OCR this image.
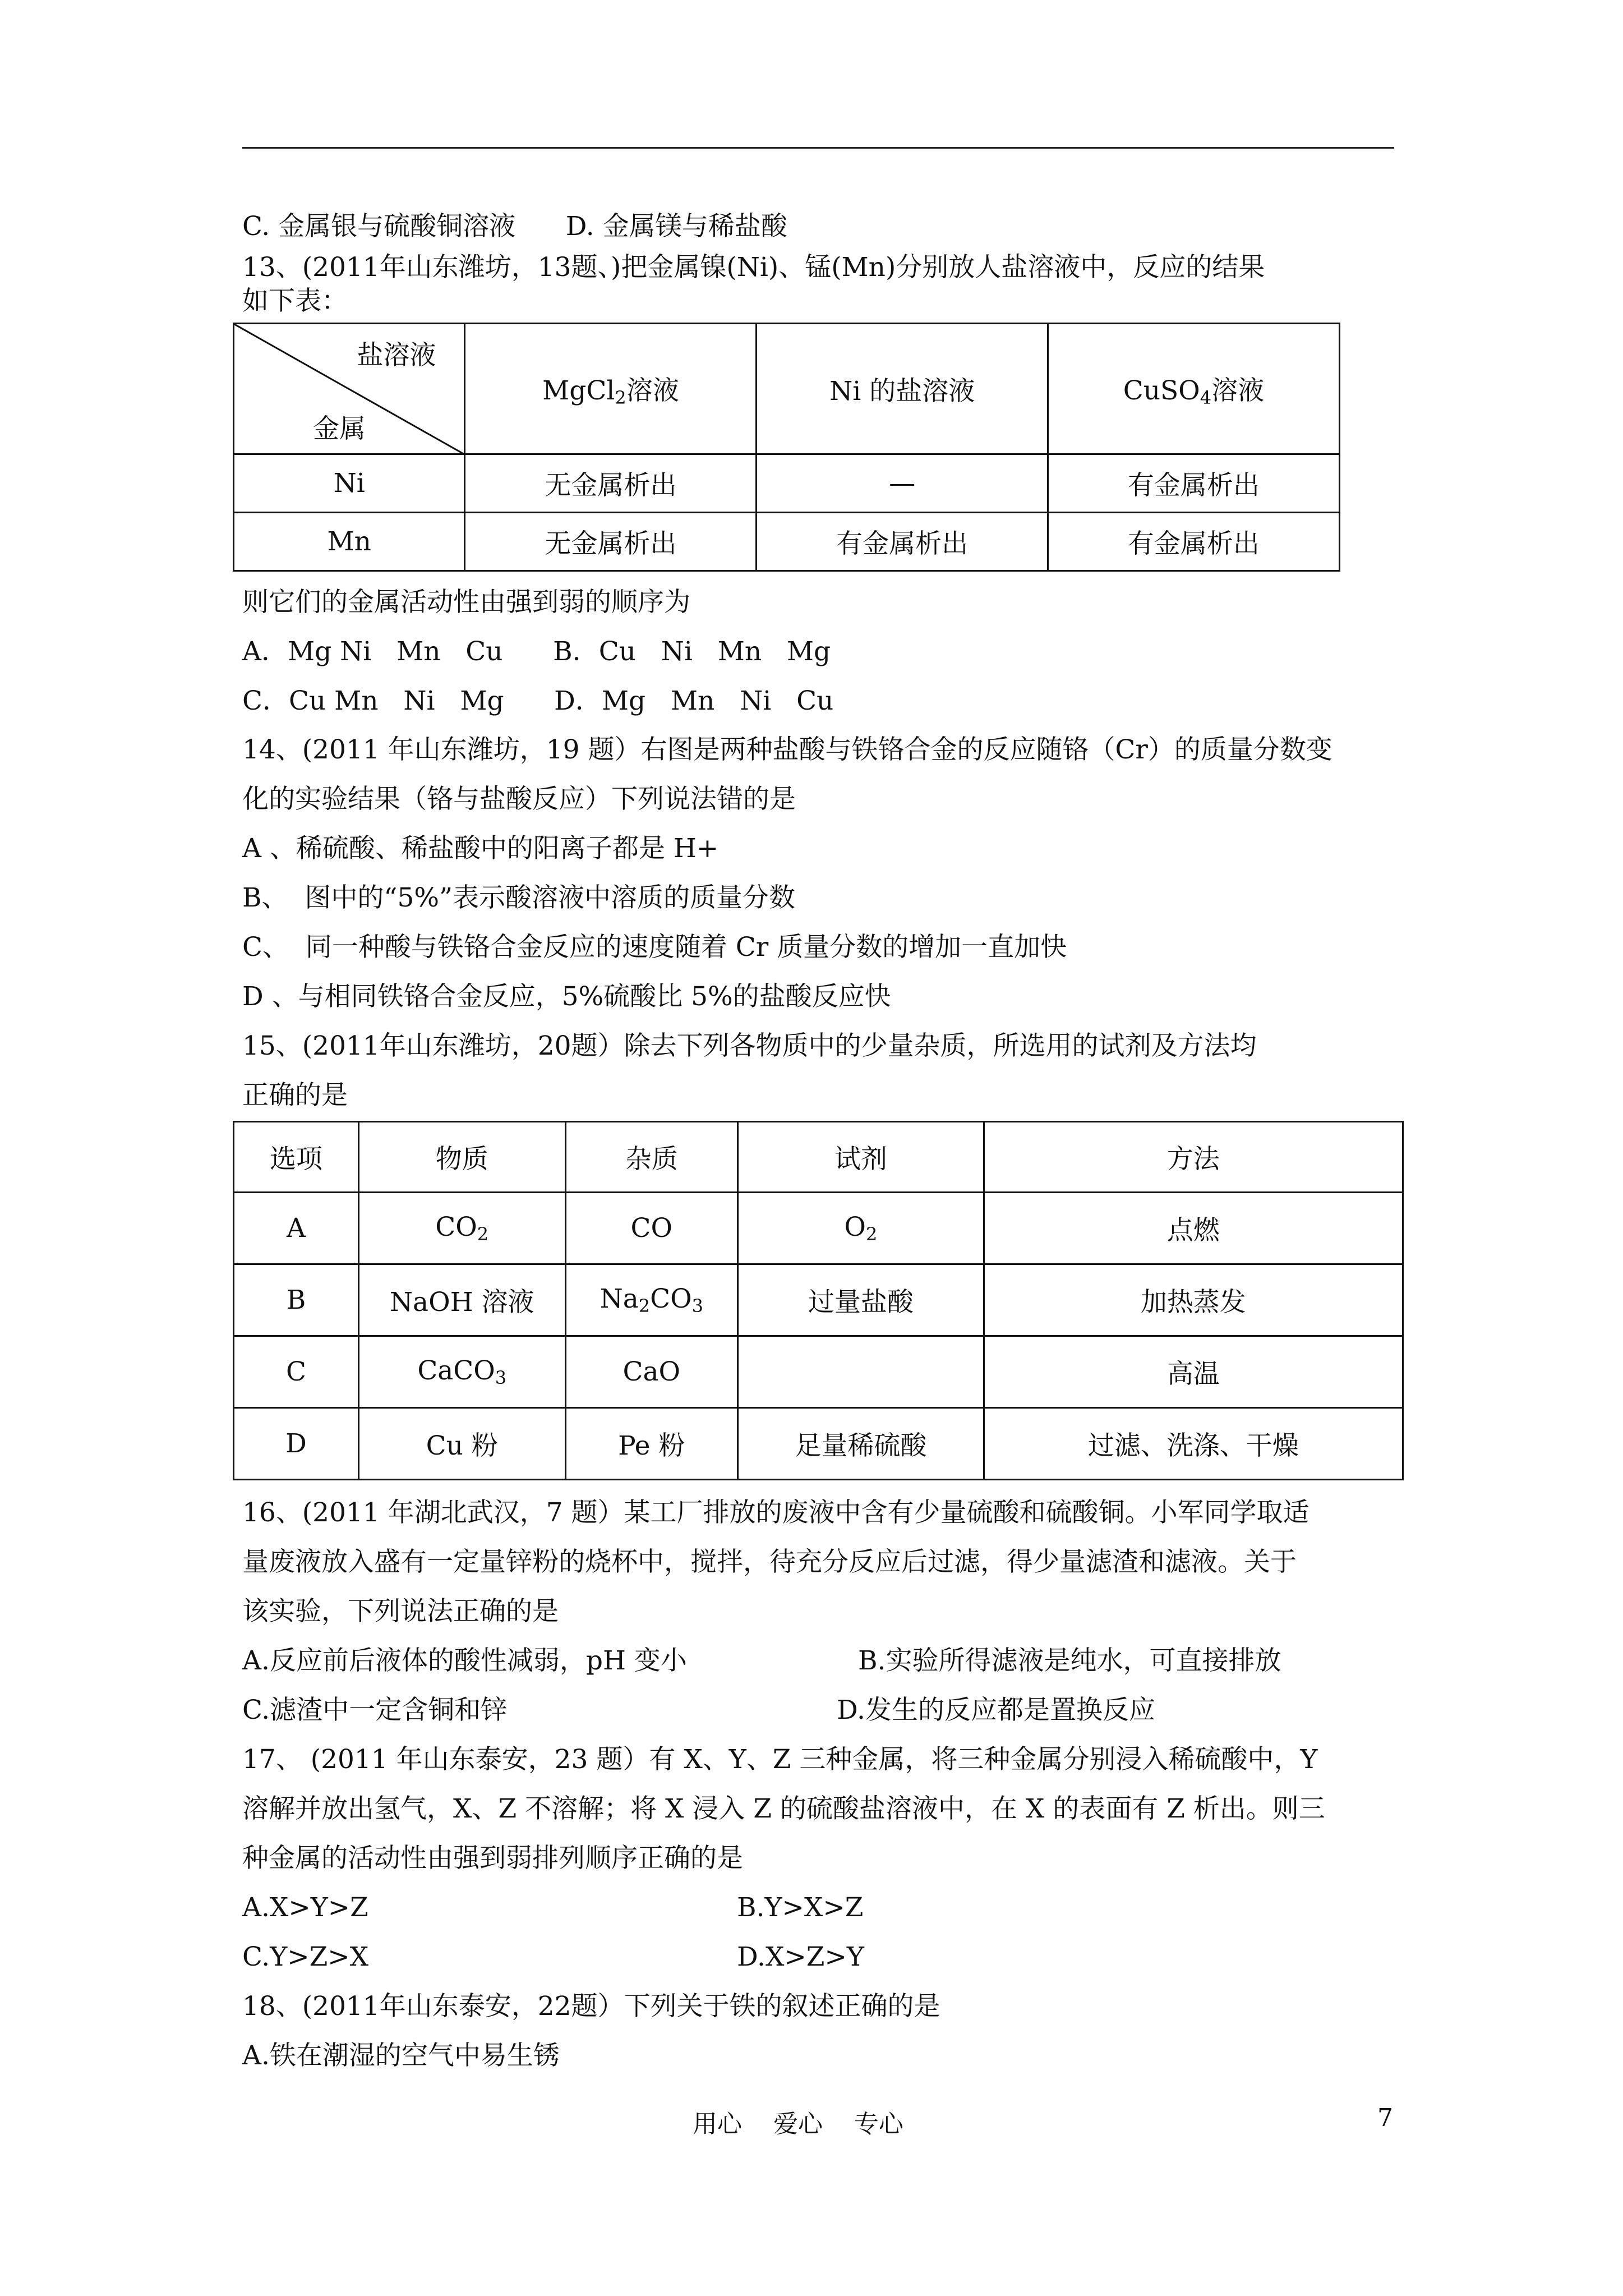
C. 金属银与硫酸铜溶液      D. 金属镁与稀盐酸
13、(2011年山东潍坊，13题、)把金属镍(Ni)、锰(Mn)分别放人盐溶液中，反应的结果
如下表：
盐溶液
金属	MgCl$_2$溶液	Ni 的盐溶液	CuSO$_4$溶液
Ni	无金属析出	—	有金属析出
Mn	无金属析出	有金属析出	有金属析出
则它们的金属活动性由强到弱的顺序为
A．Mg Ni   Mn   Cu      B．Cu   Ni   Mn   Mg
C．Cu Mn   Ni   Mg      D．Mg   Mn   Ni   Cu
14、(2011 年山东潍坊，19 题）右图是两种盐酸与铁铬合金的反应随铬（Cr）的质量分数变
化的实验结果（铬与盐酸反应）下列说法错的是
A 、稀硫酸、稀盐酸中的阳离子都是 H+
B、  图中的“5%”表示酸溶液中溶质的质量分数
C、  同一种酸与铁铬合金反应的速度随着 Cr 质量分数的增加一直加快
D 、与相同铁铬合金反应，5%硫酸比 5%的盐酸反应快
15、(2011年山东潍坊，20题）除去下列各物质中的少量杂质，所选用的试剂及方法均
正确的是
选项	物质	杂质	试剂	方法
A	$CO_2$	CO	$O_2$	点燃
B	NaOH 溶液	$Na_2CO_3$	过量盐酸	加热蒸发
C	CaCO$_3$	CaO		高温
D	Cu 粉	Pe 粉	足量稀硫酸	过滤、洗涤、干燥
16、(2011 年湖北武汉，7 题）某工厂排放的废液中含有少量硫酸和硫酸铜。小军同学取适
量废液放入盛有一定量锌粉的烧杯中，搅拌，待充分反应后过滤，得少量滤渣和滤液。关于
该实验，下列说法正确的是
A.反应前后液体的酸性减弱，pH 变小	B.实验所得滤液是纯水，可直接排放
C.滤渣中一定含铜和锌	D.发生的反应都是置换反应
17、 (2011 年山东泰安，23 题）有 X、Y、Z 三种金属，将三种金属分别浸入稀硫酸中，Y
溶解并放出氢气，X、Z 不溶解；将 X 浸入 Z 的硫酸盐溶液中，在 X 的表面有 Z 析出。则三
种金属的活动性由强到弱排列顺序正确的是
A.X>Y>Z	B.Y>X>Z
C.Y>Z>X	D.X>Z>Y
18、(2011年山东泰安，22题）下列关于铁的叙述正确的是
A.铁在潮湿的空气中易生锈
用心    爱心    专心	7
